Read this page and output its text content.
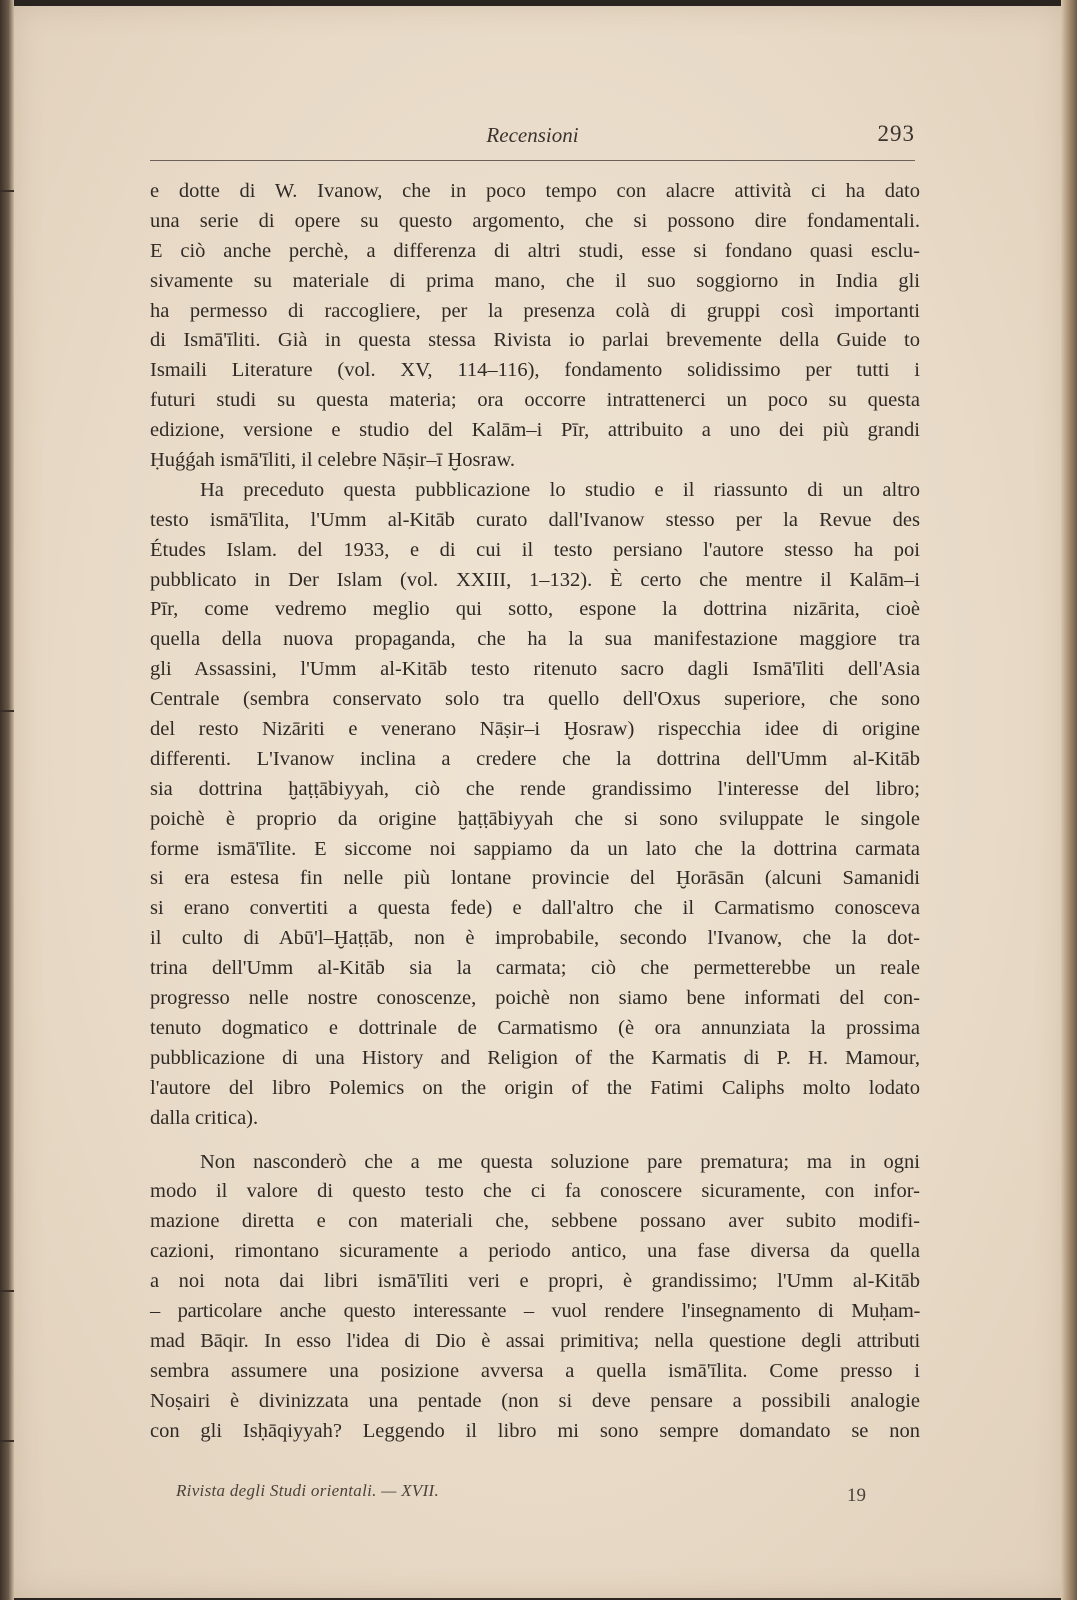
Recensioni	293
e dotte di W. Ivanow, che in poco tempo con alacre attività ci ha dato
una serie di opere su questo argomento, che si possono dire fondamentali.
E ciò anche perchè, a differenza di altri studi, esse si fondano quasi esclu-
sivamente su materiale di prima mano, che il suo soggiorno in India gli
ha permesso di raccogliere, per la presenza colà di gruppi così importanti
di Ismā'īliti. Già in questa stessa Rivista io parlai brevemente della Guide to
Ismaili Literature (vol. XV, 114–116), fondamento solidissimo per tutti i
futuri studi su questa materia; ora occorre intrattenerci un poco su questa
edizione, versione e studio del Kalām–i Pīr, attribuito a uno dei più grandi
Ḥuǵǵah ismā'īliti, il celebre Nāṣir–ī Ḫosraw.
Ha preceduto questa pubblicazione lo studio e il riassunto di un altro
testo ismā'īlita, l'Umm al-Kitāb curato dall'Ivanow stesso per la Revue des
Études Islam. del 1933, e di cui il testo persiano l'autore stesso ha poi
pubblicato in Der Islam (vol. XXIII, 1–132). È certo che mentre il Kalām–i
Pīr, come vedremo meglio qui sotto, espone la dottrina nizārita, cioè
quella della nuova propaganda, che ha la sua manifestazione maggiore tra
gli Assassini, l'Umm al-Kitāb testo ritenuto sacro dagli Ismā'īliti dell'Asia
Centrale (sembra conservato solo tra quello dell'Oxus superiore, che sono
del resto Nizāriti e venerano Nāṣir–i Ḫosraw) rispecchia idee di origine
differenti. L'Ivanow inclina a credere che la dottrina dell'Umm al-Kitāb
sia dottrina ḫaṭṭābiyyah, ciò che rende grandissimo l'interesse del libro;
poichè è proprio da origine ḫaṭṭābiyyah che si sono sviluppate le singole
forme ismā'īlite. E siccome noi sappiamo da un lato che la dottrina carmata
si era estesa fin nelle più lontane provincie del Ḫorāsān (alcuni Samanidi
si erano convertiti a questa fede) e dall'altro che il Carmatismo conosceva
il culto di Abū'l–Ḫaṭṭāb, non è improbabile, secondo l'Ivanow, che la dot-
trina dell'Umm al-Kitāb sia la carmata; ciò che permetterebbe un reale
progresso nelle nostre conoscenze, poichè non siamo bene informati del con-
tenuto dogmatico e dottrinale de Carmatismo (è ora annunziata la prossima
pubblicazione di una History and Religion of the Karmatis di P. H. Mamour,
l'autore del libro Polemics on the origin of the Fatimi Caliphs molto lodato
dalla critica).
Non nasconderò che a me questa soluzione pare prematura; ma in ogni
modo il valore di questo testo che ci fa conoscere sicuramente, con infor-
mazione diretta e con materiali che, sebbene possano aver subito modifi-
cazioni, rimontano sicuramente a periodo antico, una fase diversa da quella
a noi nota dai libri ismā'īliti veri e propri, è grandissimo; l'Umm al-Kitāb
– particolare anche questo interessante – vuol rendere l'insegnamento di Muḥam-
mad Bāqir. In esso l'idea di Dio è assai primitiva; nella questione degli attributi
sembra assumere una posizione avversa a quella ismā'īlita. Come presso i
Noṣairi è divinizzata una pentade (non si deve pensare a possibili analogie
con gli Isḥāqiyyah? Leggendo il libro mi sono sempre domandato se non
Rivista degli Studi orientali. — XVII.	19
